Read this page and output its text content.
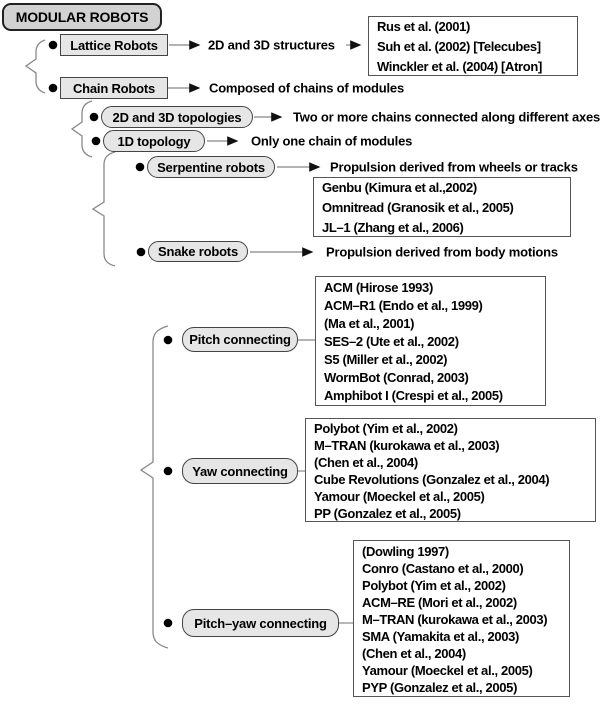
MODULAR ROBOTS
Lattice Robots	2D and 3D structures
Chain Robots	Composed of chains of modules
2D and 3D topologies	Two or more chains connected along different axes
1D topology	Only one chain of modules
Serpentine robots	Propulsion derived from wheels or tracks
Snake robots	Propulsion derived from body motions
Pitch connecting
Yaw connecting
Pitch–yaw connecting
Rus et al. (2001)
Suh et al. (2002) [Telecubes]
Winckler et al. (2004) [Atron]
Genbu (Kimura et al.,2002)
Omnitread (Granosik et al., 2005)
JL–1 (Zhang et al., 2006)
ACM (Hirose 1993)
ACM–R1 (Endo et al., 1999)
(Ma et al., 2001)
SES–2 (Ute et al., 2002)
S5 (Miller et al., 2002)
WormBot (Conrad, 2003)
Amphibot I (Crespi et al., 2005)
Polybot (Yim et al., 2002)
M–TRAN (kurokawa et al., 2003)
(Chen et al., 2004)
Cube Revolutions (Gonzalez et al., 2004)
Yamour (Moeckel et al., 2005)
PP (Gonzalez et al., 2005)
(Dowling 1997)
Conro (Castano et al., 2000)
Polybot (Yim et al., 2002)
ACM–RE (Mori et al., 2002)
M–TRAN (kurokawa et al., 2003)
SMA (Yamakita et al., 2003)
(Chen et al., 2004)
Yamour (Moeckel et al., 2005)
PYP (Gonzalez et al., 2005)
